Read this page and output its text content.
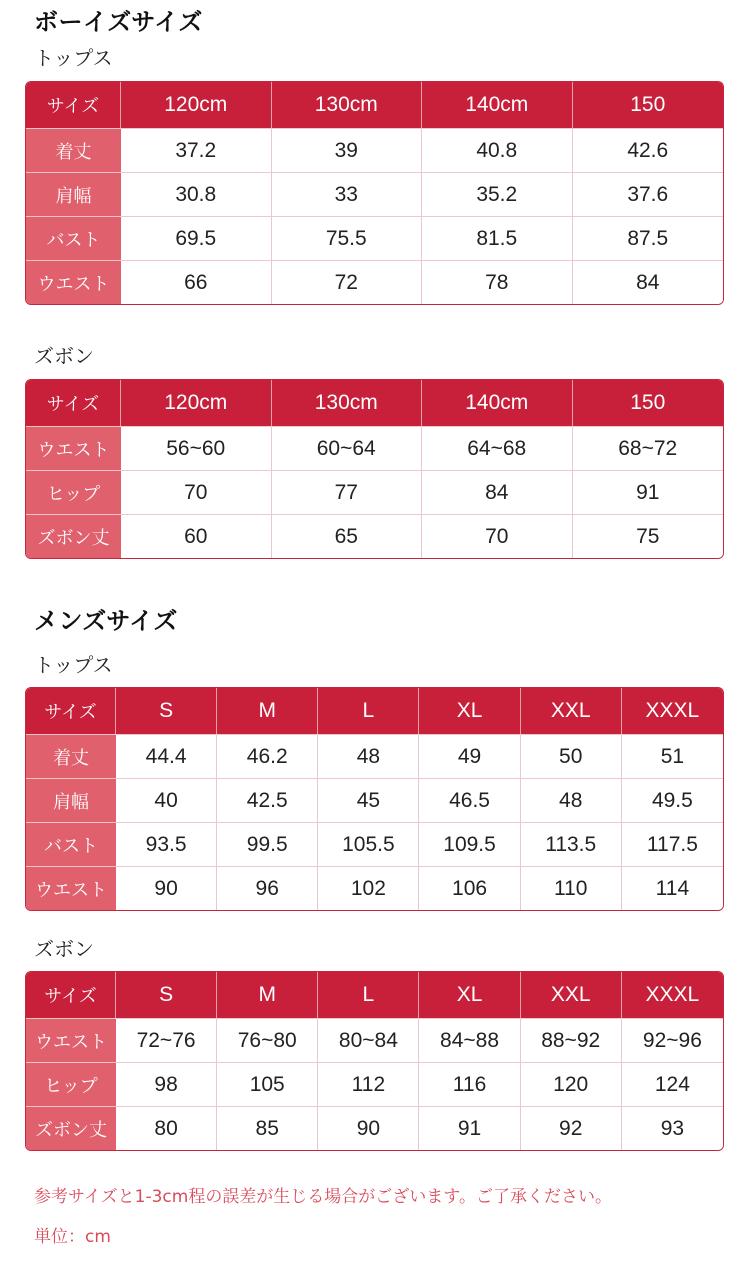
ボーイズサイズ
トップス
サイズ	120cm	130cm	140cm	150
着丈	37.2	39	40.8	42.6
肩幅	30.8	33	35.2	37.6
バスト	69.5	75.5	81.5	87.5
ウエスト	66	72	78	84
ズボン
サイズ	120cm	130cm	140cm	150
ウエスト	56~60	60~64	64~68	68~72
ヒップ	70	77	84	91
ズボン丈	60	65	70	75
メンズサイズ
トップス
サイズ	S	M	L	XL	XXL	XXXL
着丈	44.4	46.2	48	49	50	51
肩幅	40	42.5	45	46.5	48	49.5
バスト	93.5	99.5	105.5	109.5	113.5	117.5
ウエスト	90	96	102	106	110	114
ズボン
サイズ	S	M	L	XL	XXL	XXXL
ウエスト	72~76	76~80	80~84	84~88	88~92	92~96
ヒップ	98	105	112	116	120	124
ズボン丈	80	85	90	91	92	93

参考サイズと1-3cm程の誤差が生じる場合がございます。ご了承ください。

単位：cm
